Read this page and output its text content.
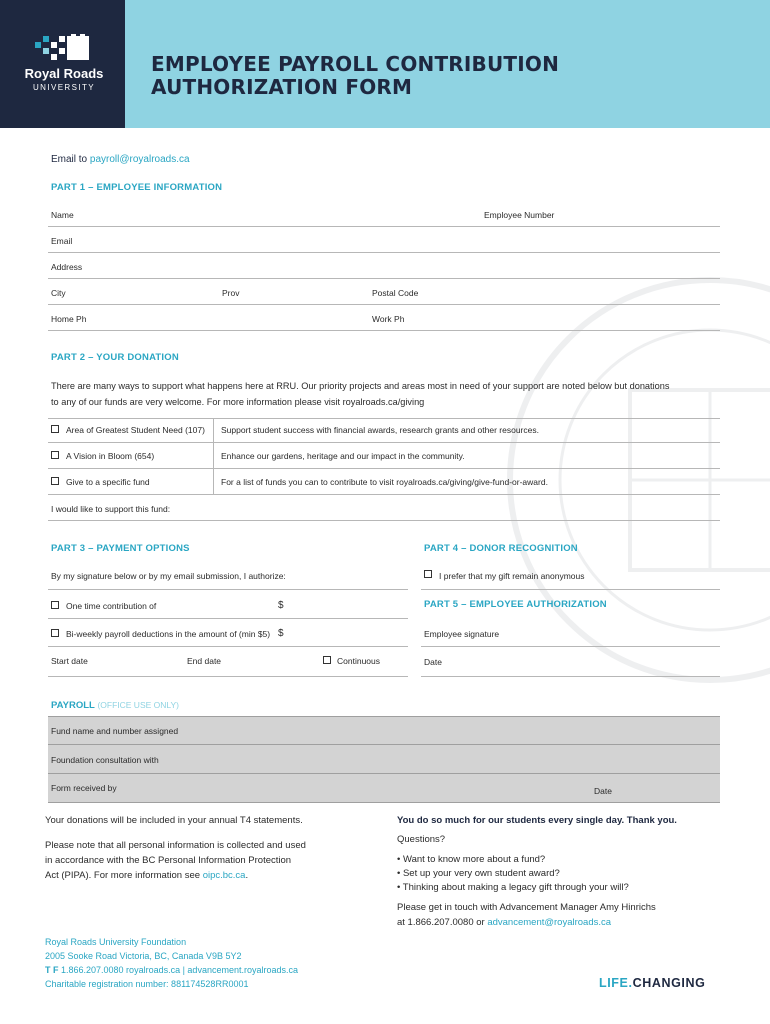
Royal Roads
UNIVERSITY
EMPLOYEE PAYROLL CONTRIBUTION
AUTHORIZATION FORM
Email to payroll@royalroads.ca
PART 1 – EMPLOYEE INFORMATION
Name	Employee Number
Email
Address
City	Prov	Postal Code
Home Ph	Work Ph
PART 2 – YOUR DONATION
There are many ways to support what happens here at RRU. Our priority projects and areas most in need of your support are noted below but donations
to any of our funds are very welcome. For more information please visit royalroads.ca/giving
Area of Greatest Student Need (107) Support student success with financial awards, research grants and other resources.
A Vision in Bloom (654)	Enhance our gardens, heritage and our impact in the community.
Give to a specific fund	For a list of funds you can to contribute to visit royalroads.ca/giving/give-fund-or-award.
I would like to support this fund:
PART 3 – PAYMENT OPTIONS
By my signature below or by my email submission, I authorize:
One time contribution of	$
Bi-weekly payroll deductions in the amount of (min $5) $
Start date	End date	Continuous
PART 4 – DONOR RECOGNITION
I prefer that my gift remain anonymous
PART 5 – EMPLOYEE AUTHORIZATION
Employee signature
Date
PAYROLL (OFFICE USE ONLY)
Fund name and number assigned
Foundation consultation with
Form received by	Date
Your donations will be included in your annual T4 statements.
Please note that all personal information is collected and used
in accordance with the BC Personal Information Protection
Act (PIPA). For more information see oipc.bc.ca.
You do so much for our students every single day. Thank you.
Questions?
• Want to know more about a fund?
• Set up your very own student award?
• Thinking about making a legacy gift through your will?
Please get in touch with Advancement Manager Amy Hinrichs
at 1.866.207.0080 or advancement@royalroads.ca
Royal Roads University Foundation
2005 Sooke Road Victoria, BC, Canada V9B 5Y2
T F 1.866.207.0080 royalroads.ca | advancement.royalroads.ca
Charitable registration number: 881174528RR0001	LIFE.CHANGING
